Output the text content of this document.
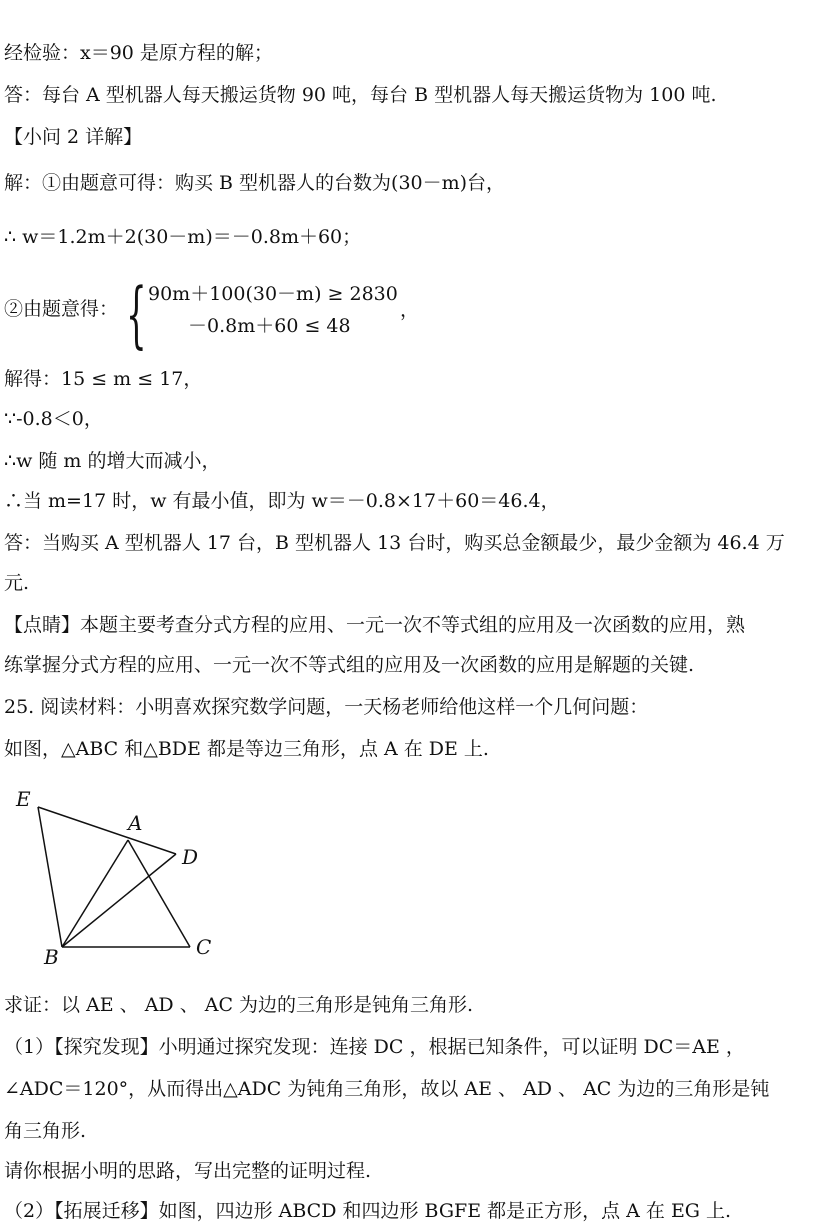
经检验：x＝90 是原方程的解；
答：每台 A 型机器人每天搬运货物 90 吨，每台 B 型机器人每天搬运货物为 100 吨.
【小问 2 详解】
解：①由题意可得：购买 B 型机器人的台数为(30－m)台，
∴ w＝1.2m＋2(30－m)＝－0.8m＋60；
②由题意得： { 90m＋100(30－m) ≥ 2830
－0.8m＋60 ≤ 48
，
解得：15 ≤ m ≤ 17，
∵-0.8＜0，
∴w 随 m 的增大而减小，
∴当 m=17 时，w 有最小值，即为 w＝－0.8×17＋60＝46.4，
答：当购买 A 型机器人 17 台，B 型机器人 13 台时，购买总金额最少，最少金额为 46.4 万
元.
【点睛】本题主要考查分式方程的应用、一元一次不等式组的应用及一次函数的应用，熟
练掌握分式方程的应用、一元一次不等式组的应用及一次函数的应用是解题的关键.
25. 阅读材料：小明喜欢探究数学问题，一天杨老师给他这样一个几何问题：
如图，△ABC 和△BDE 都是等边三角形，点 A 在 DE 上.
E
A
D
B	C
求证：以 AE 、 AD 、 AC 为边的三角形是钝角三角形.
（1）【探究发现】小明通过探究发现：连接 DC ，根据已知条件，可以证明 DC＝AE ，
∠ADC＝120°，从而得出△ADC 为钝角三角形，故以 AE 、 AD 、 AC 为边的三角形是钝
角三角形.
请你根据小明的思路，写出完整的证明过程.
（2）【拓展迁移】如图，四边形 ABCD 和四边形 BGFE 都是正方形，点 A 在 EG 上.
